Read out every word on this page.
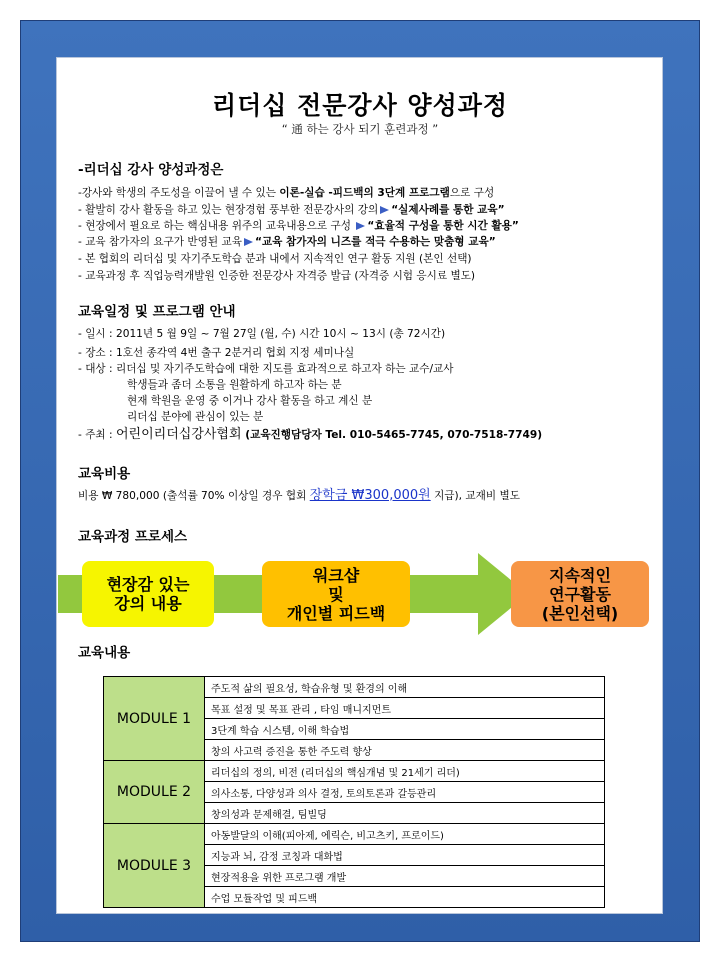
리더십 전문강사 양성과정
“ 通 하는 강사 되기 훈련과정 ”
-리더십 강사 양성과정은
-강사와 학생의 주도성을 이끌어 낼 수 있는 이론-실습 -피드백의 3단계 프로그램으로 구성
- 활발히 강사 활동을 하고 있는 현장경험 풍부한 전문강사의 강의 “실제사례를 통한 교육”
- 현장에서 필요로 하는 핵심내용 위주의 교육내용으로 구성 “효율적 구성을 통한 시간 활용”
- 교육 참가자의 요구가 반영된 교육 “교육 참가자의 니즈를 적극 수용하는 맞춤형 교육”
- 본 협회의 리더십 및 자기주도학습 분과 내에서 지속적인 연구 활동 지원 (본인 선택)
- 교육과정 후 직업능력개발원 인증한 전문강사 자격증 발급 (자격증 시험 응시료 별도)
교육일정 및 프로그램 안내
- 일시 : 2011년 5 월 9일 ~ 7월 27일 (월, 수) 시간 10시 ~ 13시 (총 72시간)
- 장소 : 1호선 종각역 4번 출구 2분거리 협회 지정 세미나실
- 대상 : 리더십 및 자기주도학습에 대한 지도를 효과적으로 하고자 하는 교수/교사
학생들과 좀더 소통을 원활하게 하고자 하는 분
현재 학원을 운영 중 이거나 강사 활동을 하고 계신 분
리더십 분야에 관심이 있는 분
- 주최 : 어린이리더십강사협회 (교육진행담당자 Tel. 010-5465-7745, 070-7518-7749)
교육비용
비용 ₩ 780,000 (출석률 70% 이상일 경우 협회 장학금 ₩300,000원 지급), 교재비 별도
교육과정 프로세스
현장감 있는
강의 내용
워크샵
및
개인별 피드백
지속적인
연구활동
(본인선택)
교육내용
MODULE 1	주도적 삶의 필요성, 학습유형 및 환경의 이해
	목표 설정 및 목표 관리 , 타임 매니지먼트
	3단계 학습 시스템, 이해 학습법
	창의 사고력 증진을 통한 주도력 향상
MODULE 2	리더십의 정의, 비전 (리더십의 핵심개념 및 21세기 리더)
	의사소통, 다양성과 의사 결정, 토의토론과 갈등관리
	창의성과 문제해결, 팀빌딩
MODULE 3	아동발달의 이해(피아제, 에릭슨, 비고츠키, 프로이드)
	지능과 뇌, 감정 코칭과 대화법
	현장적용을 위한 프로그램 개발
	수업 모듈작업 및 피드백
